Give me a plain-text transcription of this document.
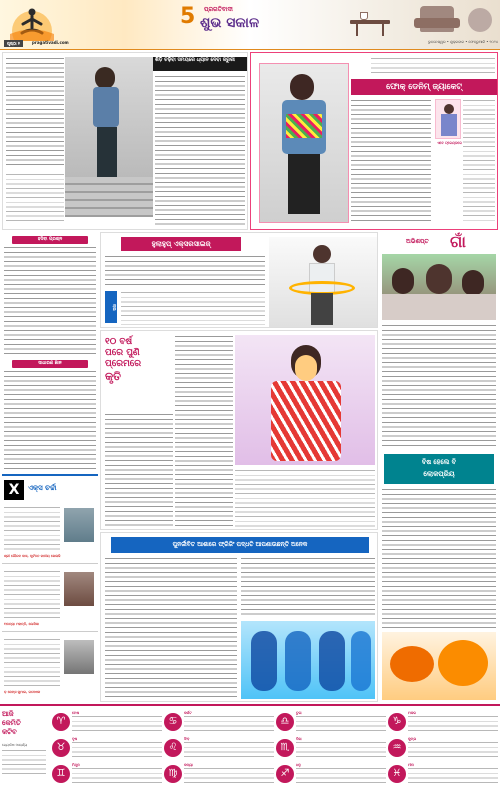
5 ପ୍ରଗତିବାଦୀ
ଶୁଭ ସକାଳ
ଭୁବନେଶ୍ୱର • ଶୁକ୍ରବାର • ଫେବ୍ରୁଆରି • ୨୦୨୪
ପୃଷ୍ଠା ୨	pragativadi.com
ଶିଡ଼ି ଚଢ଼ିବା ସମୟରେ ଧ୍ୟାନ ଦେବା ଜରୁରୀ
ଫୋକ୍ ଡେନିମ୍ ଜ୍ୟାକେଟ୍
ଏବେ ଟ୍ରେଣ୍ଡରେ
ହସିବା ପ୍ରଶ୍ନ
ସାଧାରଣ ଜ୍ଞାନ
X	ଏକ୍ସ ଚର୍ଚ୍ଚା
ଶ୍ରୀ ଗୌରବ ଦାସ, ପୂର୍ବତନ ଜାତୀୟ ଖେଳାଳି
ଅନନ୍ୟା ମହାନ୍ତି, ଲେଖିକା
ଡ଼ ଜେମ୍ସ କୁମାର, ଗବେଷକ
ହୁଲାହୁପ୍ ଏକ୍ସରସାଇଜ୍
ଲାଭ
ଅଭିଶପ୍ତ ଗାଁ
୧୦ ବର୍ଷ
ପରେ ପୁଣି
ପ୍ରେମରେ
କୃତି
ବିଷ ହେଲେ ବି
ଲୋକପ୍ରିୟ
ପୁନର୍ଜୀବିତ ଆଶାରେ ଫ୍ରିଜିଂ ପଦ୍ଧତି ଆପଣାଉଛନ୍ତି ଅନେକ
ଆଜି
କେମିତି
କଟିବ
ଜ୍ୟୋତିଷ ଆଚାର୍ଯ୍ୟ
♈
ମେଷ
♋
କର୍କଟ
♎
ତୁଳା
♑
ମକର
♉
ବୃଷ
♌
ସିଂହ
♏
ବିଛା
♒
କୁମ୍ଭ
♊
ମିଥୁନ
♍
କନ୍ୟା
♐
ଧନୁ
♓
ମୀନ
